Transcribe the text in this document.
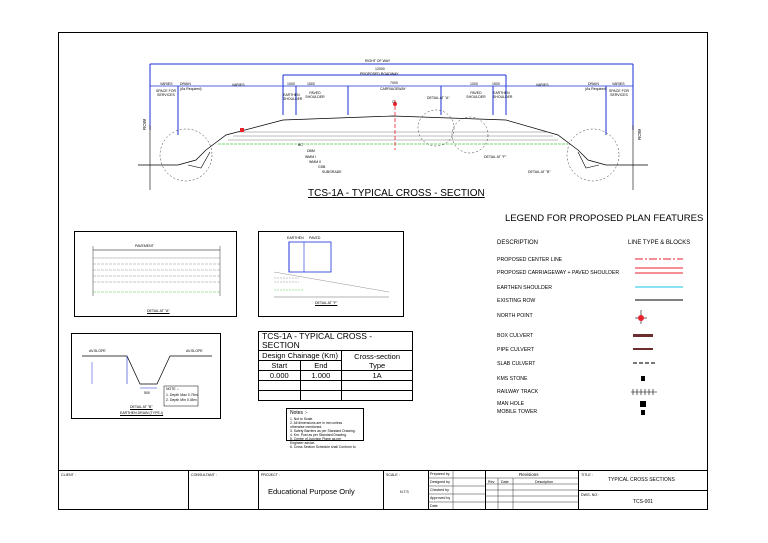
RIGHT OF WAY
12000
PROPOSED ROADWAY
7000
CARRIAGEWAY
VARIES DRAIN
(As Required)
SPACE FOR SERVICES
VARIES	1000	1500
PAVED SHOULDER
EARTHEN SHOULDER
1000	1500
PAVED SHOULDER
EARTHEN SHOULDER
VARIES	DRAIN
(As Required)
VARIES
SPACE FOR SERVICES
CL
DETAIL AT "A"
DETAIL AT "F"
DETAIL AT "B"
BC
DBM
WMM I
WMM II
GSB
SUBGRADE
ROW
ROW
TCS-1A - TYPICAL CROSS - SECTION
PAVEMENT
DETAIL AT "A"
EARTHEN PAVED
DETAIL AT "F"
AV.SLOPE	AV.SLOPE
500
NOTE :-
1. Depth Max 0.75m
2. Depth Min 0.45m
DETAIL AT "B"
EARTHEN DRAIN (TYPE-I)
TCS-1A - TYPICAL CROSS - SECTION		
Design Chainage (Km)		Cross-section Type
Start	End	
0.000	1.000	1A

Notes :-
1. Not to Scale.
2. All dimensions are in mm unless
otherwise mentioned.
3. Safety Barriers as per Standard Drawing.
4. Km. Post as per Standard Drawing.
5. Centre of Junction Plane as per
Engineer advice.
6. Cross Section Schedule shall Conform to
LEGEND FOR PROPOSED PLAN FEATURES
DESCRIPTION	LINE TYPE & BLOCKS
PROPOSED CENTER LINE
PROPOSED CARRIAGEWAY + PAVED SHOULDER
EARTHEN SHOULDER
EXISTING ROW
NORTH POINT
BOX CULVERT
PIPE CULVERT
SLAB CULVERT
KMS STONE
RAILWAY TRACK
MAN HOLE
MOBILE TOWER
CLIENT :	CONSULTANT :	PROJECT :
Educational Purpose Only
SCALE :
N.T.S
Prepared by
Designed by
Checked by
Approved by
Date
Revisions
Rev Date	Description
TITLE :
TYPICAL CROSS SECTIONS
DWG. NO :
TCS-001
